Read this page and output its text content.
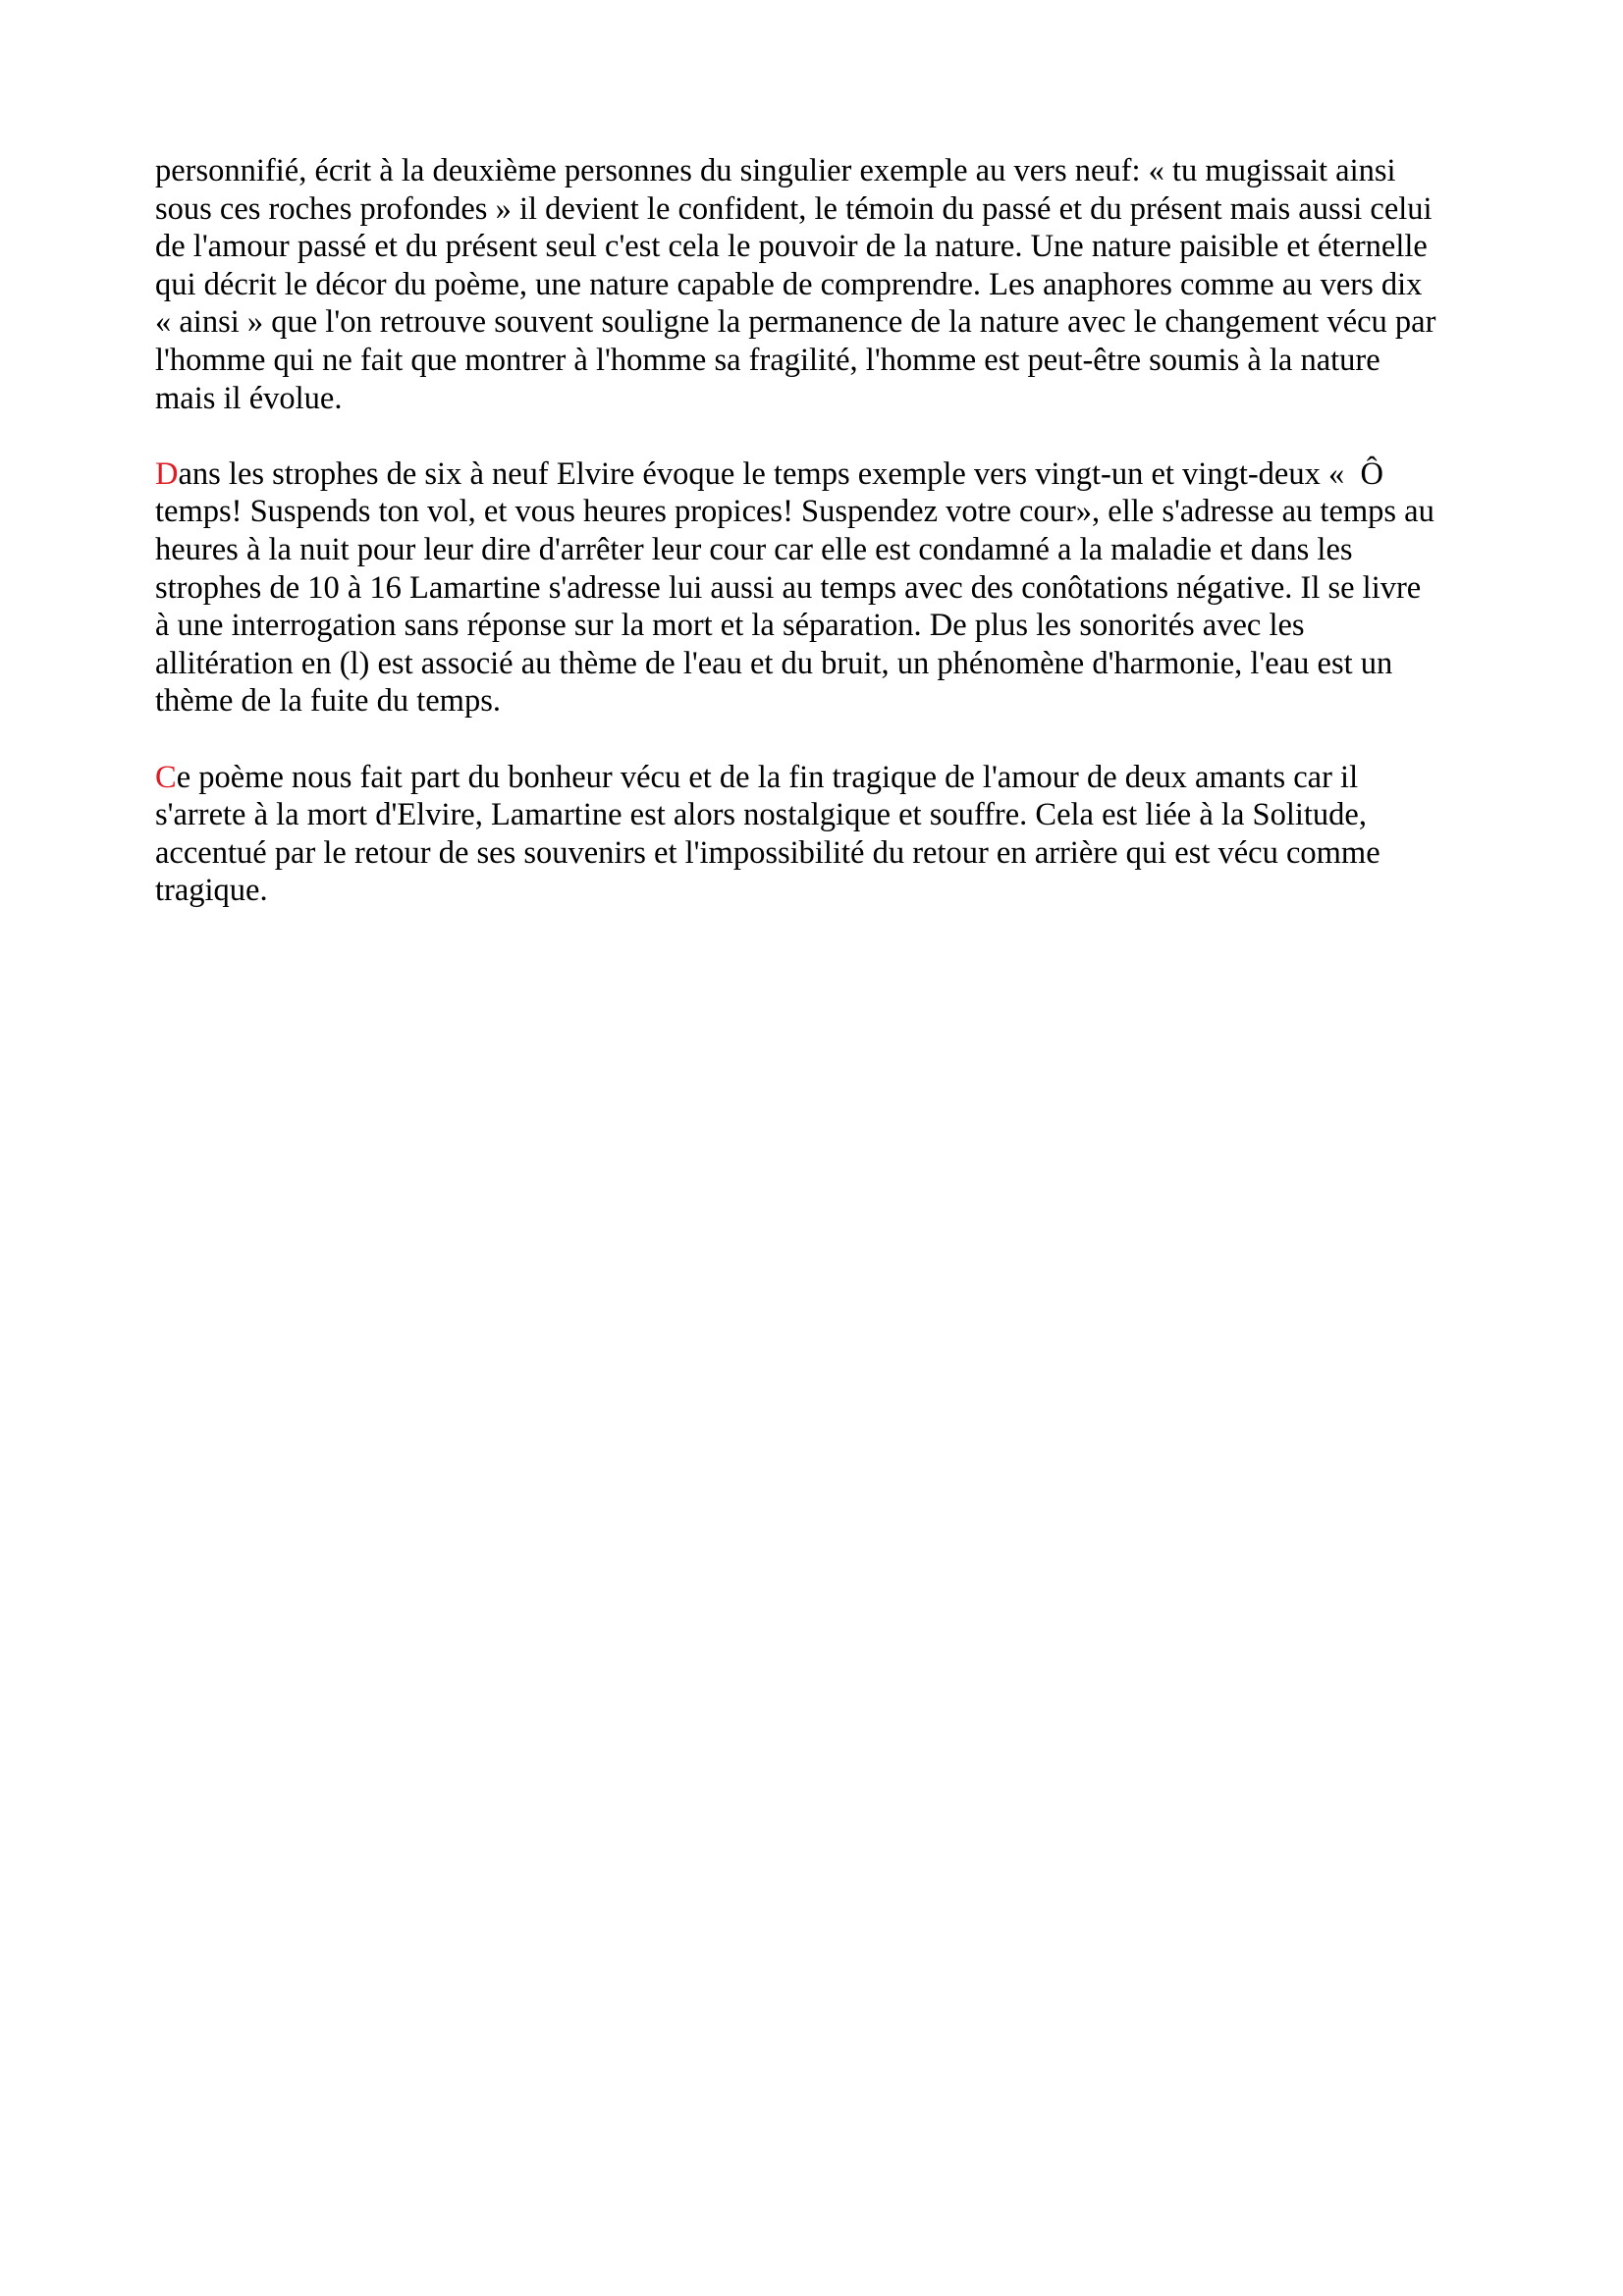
personnifié, écrit à la deuxième personnes du singulier exemple au vers neuf: « tu mugissait ainsi
sous ces roches profondes » il devient le confident, le témoin du passé et du présent mais aussi celui
de l'amour passé et du présent seul c'est cela le pouvoir de la nature. Une nature paisible et éternelle
qui décrit le décor du poème, une nature capable de comprendre. Les anaphores comme au vers dix
« ainsi » que l'on retrouve souvent souligne la permanence de la nature avec le changement vécu par
l'homme qui ne fait que montrer à l'homme sa fragilité, l'homme est peut-être soumis à la nature
mais il évolue.

Dans les strophes de six à neuf Elvire évoque le temps exemple vers vingt-un et vingt-deux «  Ô
temps! Suspends ton vol, et vous heures propices! Suspendez votre cour», elle s'adresse au temps au
heures à la nuit pour leur dire d'arrêter leur cour car elle est condamné a la maladie et dans les
strophes de 10 à 16 Lamartine s'adresse lui aussi au temps avec des conôtations négative. Il se livre
à une interrogation sans réponse sur la mort et la séparation. De plus les sonorités avec les
allitération en (l) est associé au thème de l'eau et du bruit, un phénomène d'harmonie, l'eau est un
thème de la fuite du temps.

Ce poème nous fait part du bonheur vécu et de la fin tragique de l'amour de deux amants car il
s'arrete à la mort d'Elvire, Lamartine est alors nostalgique et souffre. Cela est liée à la Solitude,
accentué par le retour de ses souvenirs et l'impossibilité du retour en arrière qui est vécu comme
tragique.
